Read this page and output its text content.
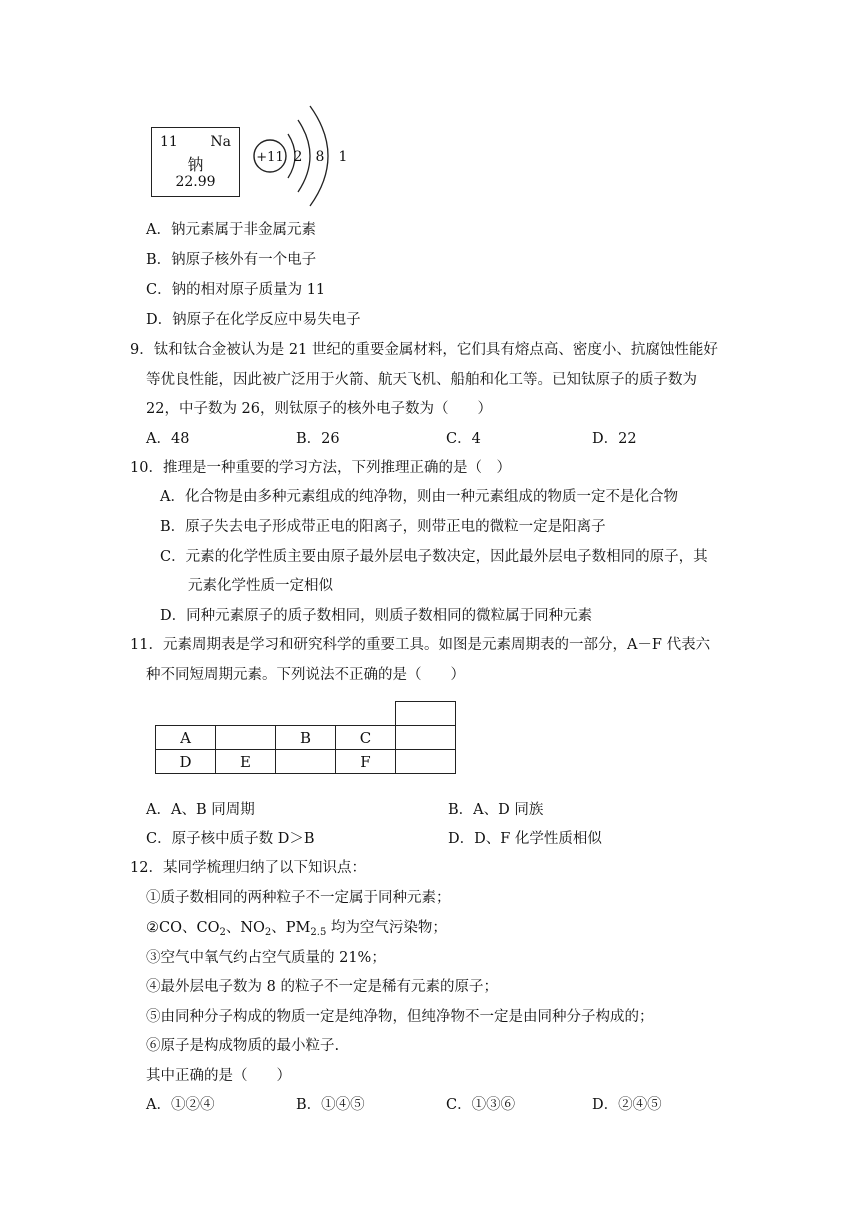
11 Na
钠
22.99
+11 2 8 1
A．钠元素属于非金属元素
B．钠原子核外有一个电子
C．钠的相对原子质量为 11
D．钠原子在化学反应中易失电子
9．钛和钛合金被认为是 21 世纪的重要金属材料，它们具有熔点高、密度小、抗腐蚀性能好
等优良性能，因此被广泛用于火箭、航天飞机、船舶和化工等。已知钛原子的质子数为
22，中子数为 26，则钛原子的核外电子数为（　　）
A．48	B．26	C．4	D．22
10．推理是一种重要的学习方法，下列推理正确的是（　）
A．化合物是由多种元素组成的纯净物，则由一种元素组成的物质一定不是化合物
B．原子失去电子形成带正电的阳离子，则带正电的微粒一定是阳离子
C．元素的化学性质主要由原子最外层电子数决定，因此最外层电子数相同的原子，其
元素化学性质一定相似
D．同种元素原子的质子数相同，则质子数相同的微粒属于同种元素
11．元素周期表是学习和研究科学的重要工具。如图是元素周期表的一部分，A－F 代表六
种不同短周期元素。下列说法不正确的是（　　）

A		B	C	
D	E		F	
A．A、B 同周期	B．A、D 同族
C．原子核中质子数 D＞B	D．D、F 化学性质相似
12．某同学梳理归纳了以下知识点：
①质子数相同的两种粒子不一定属于同种元素；
②CO、$CO_2$、$NO_2$、$PM_{2.5}$ 均为空气污染物；
③空气中氧气约占空气质量的 21%；
④最外层电子数为 8 的粒子不一定是稀有元素的原子；
⑤由同种分子构成的物质一定是纯净物，但纯净物不一定是由同种分子构成的；
⑥原子是构成物质的最小粒子.
其中正确的是（　　）
A．①②④	B．①④⑤	C．①③⑥	D．②④⑤
